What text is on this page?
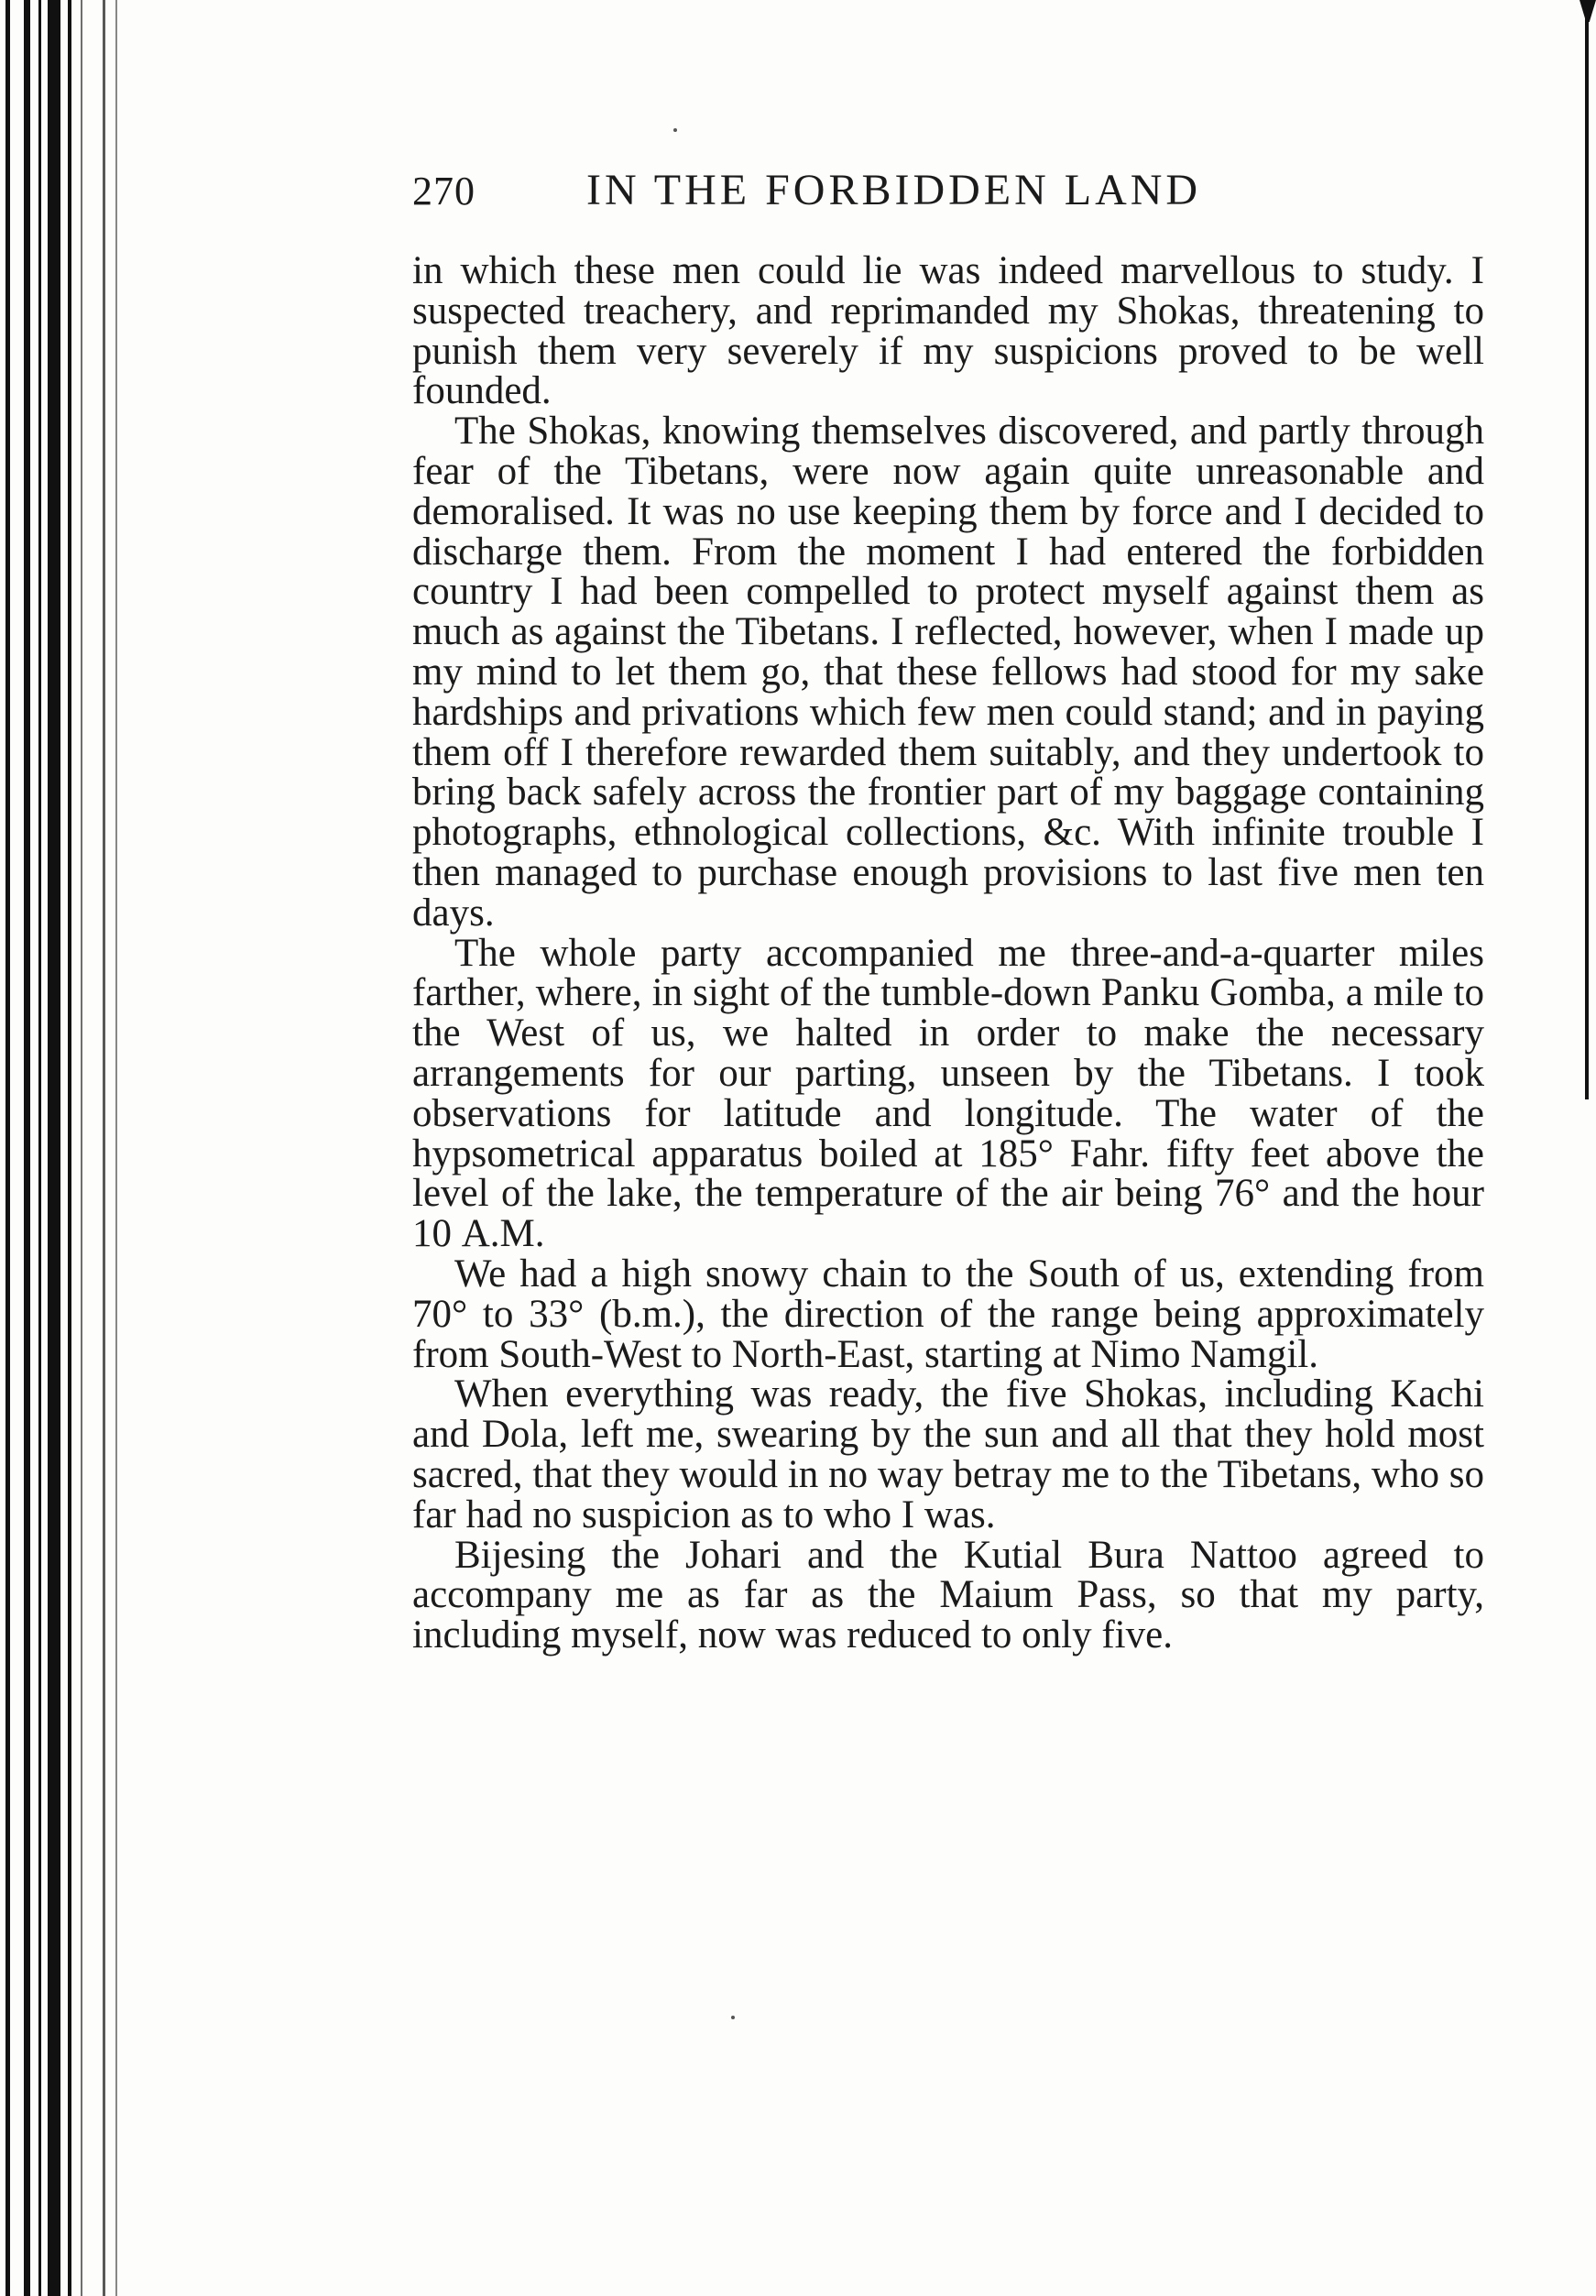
270	IN THE FORBIDDEN LAND

in which these men could lie was indeed marvellous to study. I suspected treachery, and reprimanded my Shokas, threatening to punish them very severely if my suspicions proved to be well founded.

The Shokas, knowing themselves discovered, and partly through fear of the Tibetans, were now again quite unreasonable and demoralised. It was no use keeping them by force and I decided to discharge them. From the moment I had entered the forbidden country I had been compelled to protect myself against them as much as against the Tibetans. I reflected, however, when I made up my mind to let them go, that these fellows had stood for my sake hardships and privations which few men could stand; and in paying them off I therefore rewarded them suitably, and they undertook to bring back safely across the frontier part of my baggage containing photographs, ethnological collections, &c. With infinite trouble I then managed to purchase enough provisions to last five men ten days.

The whole party accompanied me three-and-a-quarter miles farther, where, in sight of the tumble-down Panku Gomba, a mile to the West of us, we halted in order to make the necessary arrangements for our parting, unseen by the Tibetans. I took observations for latitude and longitude. The water of the hypsometrical apparatus boiled at 185° Fahr. fifty feet above the level of the lake, the temperature of the air being 76° and the hour 10 A.M.

We had a high snowy chain to the South of us, extending from 70° to 33° (b.m.), the direction of the range being approximately from South-West to North-East, starting at Nimo Namgil.

When everything was ready, the five Shokas, including Kachi and Dola, left me, swearing by the sun and all that they hold most sacred, that they would in no way betray me to the Tibetans, who so far had no suspicion as to who I was.

Bijesing the Johari and the Kutial Bura Nattoo agreed to accompany me as far as the Maium Pass, so that my party, including myself, now was reduced to only five.
